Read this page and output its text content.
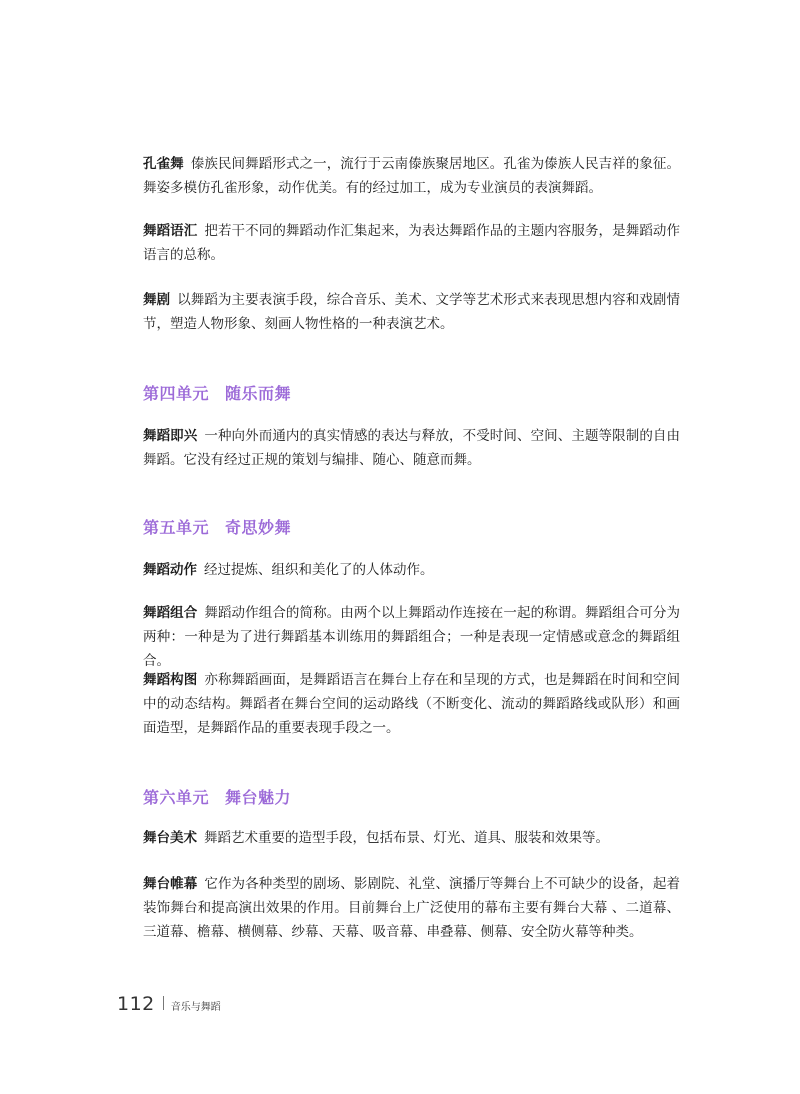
孔雀舞 傣族民间舞蹈形式之一，流行于云南傣族聚居地区。孔雀为傣族人民吉祥的象征。舞姿多模仿孔雀形象，动作优美。有的经过加工，成为专业演员的表演舞蹈。
舞蹈语汇 把若干不同的舞蹈动作汇集起来，为表达舞蹈作品的主题内容服务，是舞蹈动作语言的总称。
舞剧 以舞蹈为主要表演手段，综合音乐、美术、文学等艺术形式来表现思想内容和戏剧情节，塑造人物形象、刻画人物性格的一种表演艺术。
第四单元 随乐而舞
舞蹈即兴 一种向外而通内的真实情感的表达与释放，不受时间、空间、主题等限制的自由舞蹈。它没有经过正规的策划与编排、随心、随意而舞。
第五单元 奇思妙舞
舞蹈动作 经过提炼、组织和美化了的人体动作。
舞蹈组合 舞蹈动作组合的简称。由两个以上舞蹈动作连接在一起的称谓。舞蹈组合可分为两种：一种是为了进行舞蹈基本训练用的舞蹈组合；一种是表现一定情感或意念的舞蹈组合。
舞蹈构图 亦称舞蹈画面，是舞蹈语言在舞台上存在和呈现的方式，也是舞蹈在时间和空间中的动态结构。舞蹈者在舞台空间的运动路线（不断变化、流动的舞蹈路线或队形）和画面造型，是舞蹈作品的重要表现手段之一。
第六单元 舞台魅力
舞台美术 舞蹈艺术重要的造型手段，包括布景、灯光、道具、服装和效果等。
舞台帷幕 它作为各种类型的剧场、影剧院、礼堂、演播厅等舞台上不可缺少的设备，起着装饰舞台和提高演出效果的作用。目前舞台上广泛使用的幕布主要有舞台大幕 、二道幕、三道幕、檐幕、横侧幕、纱幕、天幕、吸音幕、串叠幕、侧幕、安全防火幕等种类。
112 音乐与舞蹈
